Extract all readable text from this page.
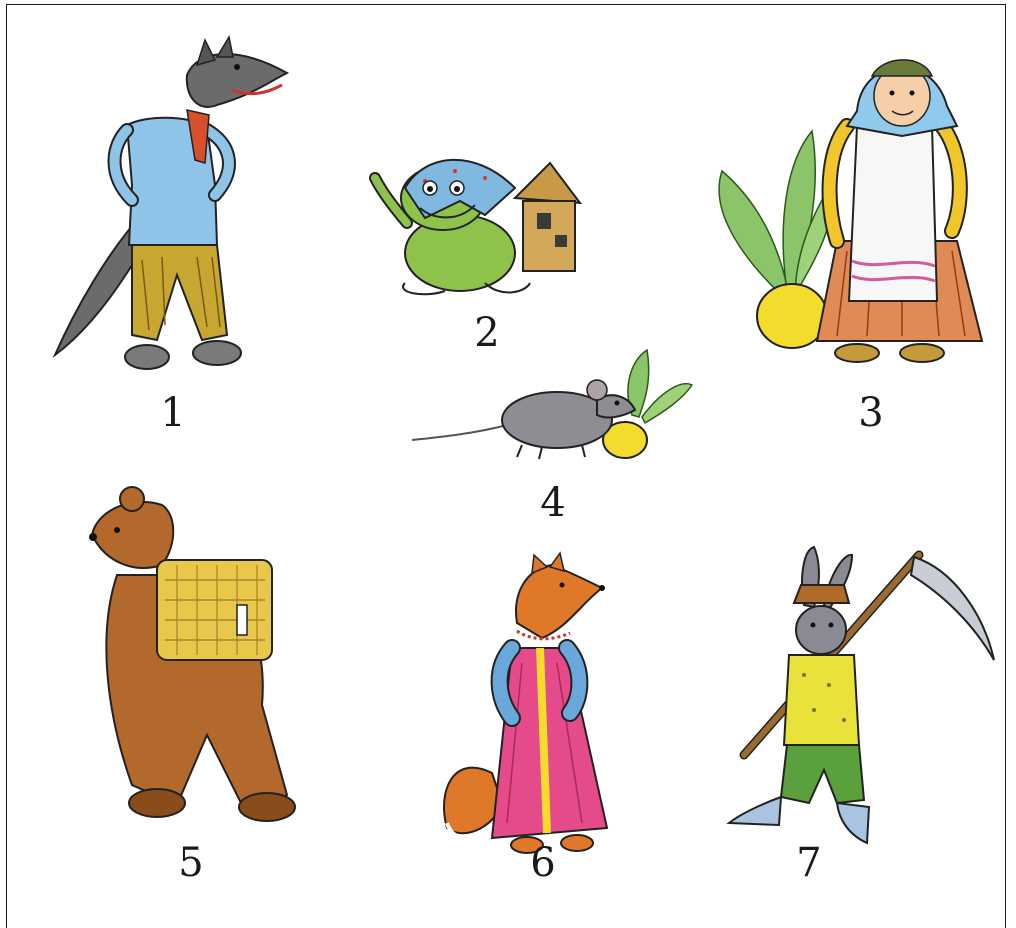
1
2
3
4
5	6	7
